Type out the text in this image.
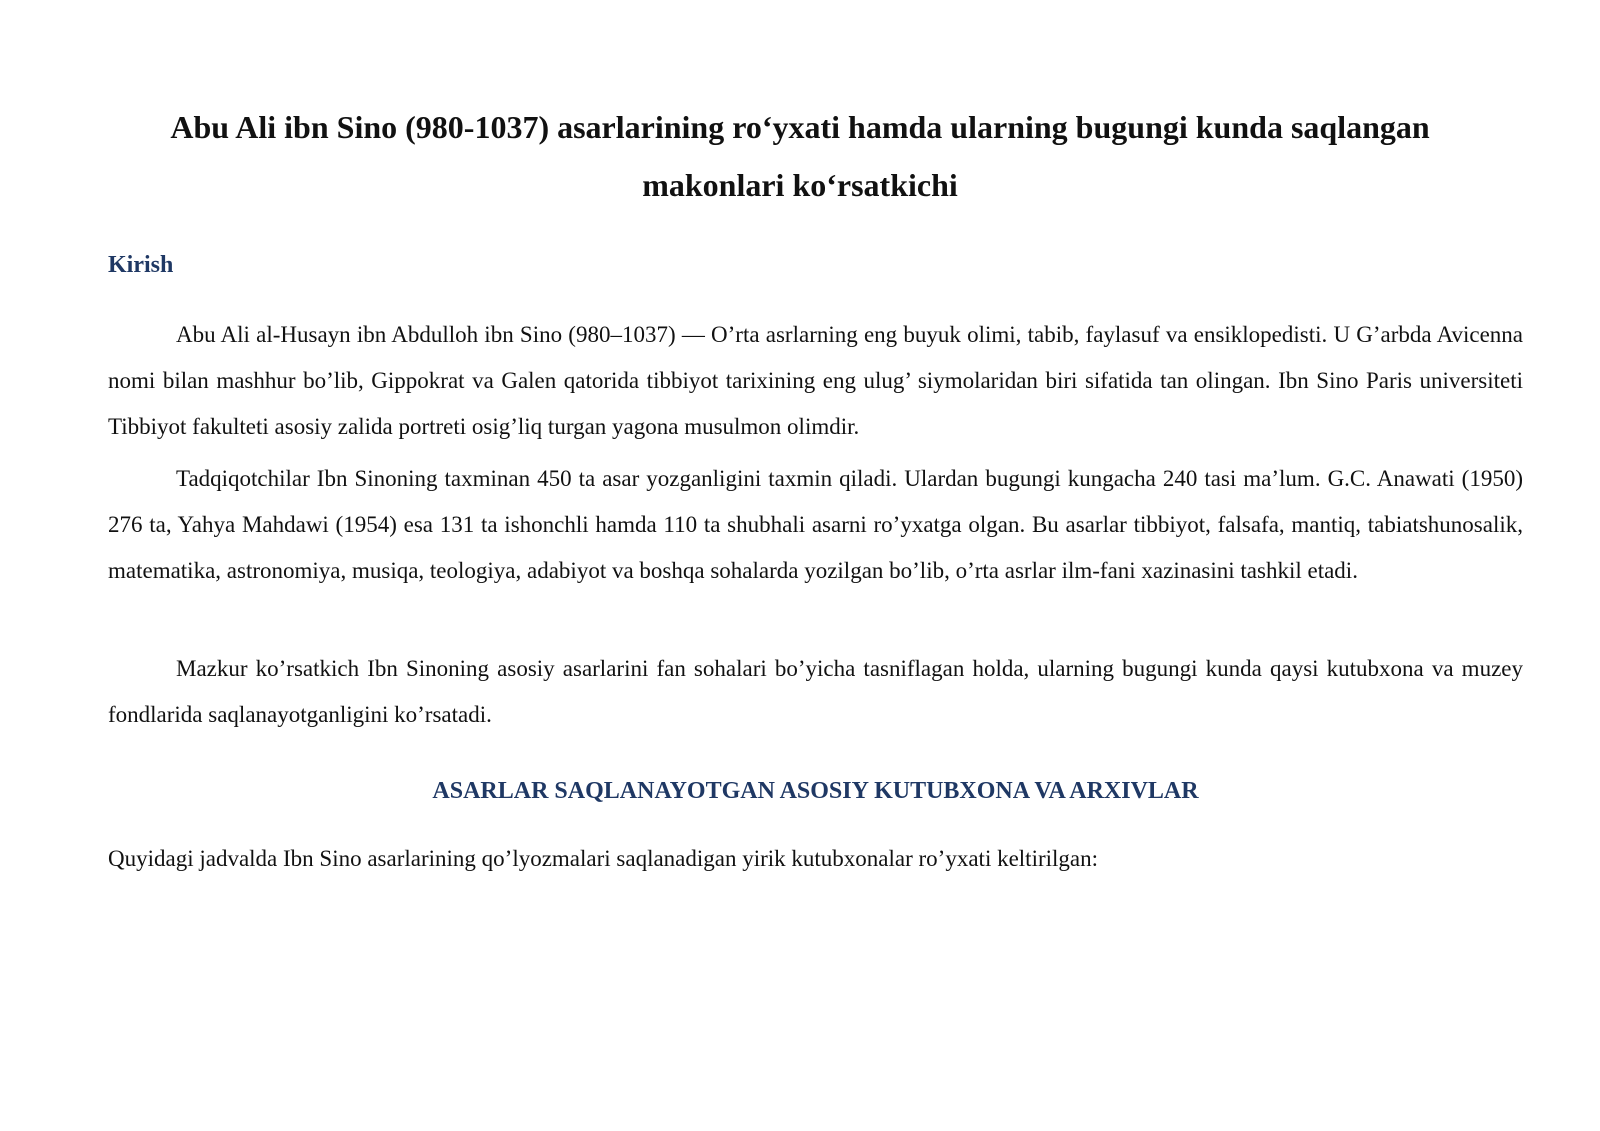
Abu Ali ibn Sino (980-1037) asarlarining ro‘yxati hamda ularning bugungi kunda saqlangan makonlari ko‘rsatkichi
Kirish

Abu Ali al-Husayn ibn Abdulloh ibn Sino (980–1037) — O’rta asrlarning eng buyuk olimi, tabib, faylasuf va ensiklopedisti. U G’arbda Avicenna nomi bilan mashhur bo’lib, Gippokrat va Galen qatorida tibbiyot tarixining eng ulug’ siymolaridan biri sifatida tan olingan. Ibn Sino Paris universiteti Tibbiyot fakulteti asosiy zalida portreti osig’liq turgan yagona musulmon olimdir.

Tadqiqotchilar Ibn Sinoning taxminan 450 ta asar yozganligini taxmin qiladi. Ulardan bugungi kungacha 240 tasi ma’lum. G.C. Anawati (1950) 276 ta, Yahya Mahdawi (1954) esa 131 ta ishonchli hamda 110 ta shubhali asarni ro’yxatga olgan. Bu asarlar tibbiyot, falsafa, mantiq, tabiatshunosalik, matematika, astronomiya, musiqa, teologiya, adabiyot va boshqa sohalarda yozilgan bo’lib, o’rta asrlar ilm-fani xazinasini tashkil etadi.

Mazkur ko’rsatkich Ibn Sinoning asosiy asarlarini fan sohalari bo’yicha tasniflagan holda, ularning bugungi kunda qaysi kutubxona va muzey fondlarida saqlanayotganligini ko’rsatadi.

ASARLAR SAQLANAYOTGAN ASOSIY KUTUBXONA VA ARXIVLAR

Quyidagi jadvalda Ibn Sino asarlarining qo’lyozmalari saqlanadigan yirik kutubxonalar ro’yxati keltirilgan:
